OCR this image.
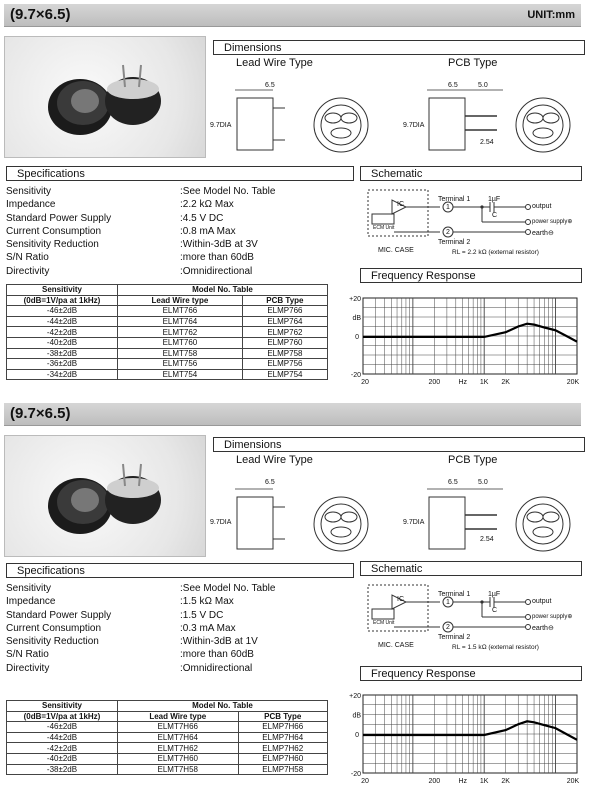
(9.7×6.5)	UNIT:mm
Dimensions
Lead Wire Type	PCB Type
6.5
9.7DIA
6.5	5.0
9.7DIA
2.54
Specifications
Sensitivity	:See Model No. Table
Impedance	:2.2 kΩ Max
Standard Power Supply	:4.5 V DC
Current Consumption	:0.8 mA Max
Sensitivity Reduction	:Within-3dB at 3V
S/N Ratio	:more than 60dB
Directivity	:Omnidirectional
Sensitivity	Model No. Table	
(0dB=1V/pa at 1kHz)	Lead Wire type	PCB Type
-46±2dB	ELMT766	ELMP766
-44±2dB	ELMT764	ELMP764
-42±2dB	ELMT762	ELMP762
-40±2dB	ELMT760	ELMP760
-38±2dB	ELMT758	ELMP758
-36±2dB	ELMT756	ELMP756
-34±2dB	ELMT754	ELMP754
Schematic
IC
ECM Unit
Terminal 1
1
2
Terminal 2
1µF
C
output
power supply⊕
earth⊖
MIC. CASE	RL = 2.2 kΩ (external resistor)
Frequency Response
+20
dB
0
-20
20	200	Hz 1K 2K	20K
(9.7×6.5)
Dimensions
Lead Wire Type	PCB Type
6.5
9.7DIA
6.5	5.0
9.7DIA
2.54
Specifications
Sensitivity	:See Model No. Table
Impedance	:1.5 kΩ Max
Standard Power Supply	:1.5 V DC
Current Consumption	:0.3 mA Max
Sensitivity Reduction	:Within-3dB at 1V
S/N Ratio	:more than 60dB
Directivity	:Omnidirectional
Sensitivity	Model No. Table	
(0dB=1V/pa at 1kHz)	Lead Wire type	PCB Type
-46±2dB	ELMT7H66	ELMP7H66
-44±2dB	ELMT7H64	ELMP7H64
-42±2dB	ELMT7H62	ELMP7H62
-40±2dB	ELMT7H60	ELMP7H60
-38±2dB	ELMT7H58	ELMP7H58
Schematic
IC
ECM Unit
Terminal 1
1
2
Terminal 2
1µF
C
output
power supply⊕
earth⊖
MIC. CASE	RL = 1.5 kΩ (external resistor)
Frequency Response
+20
dB
0
-20
20	200	Hz 1K 2K	20K
